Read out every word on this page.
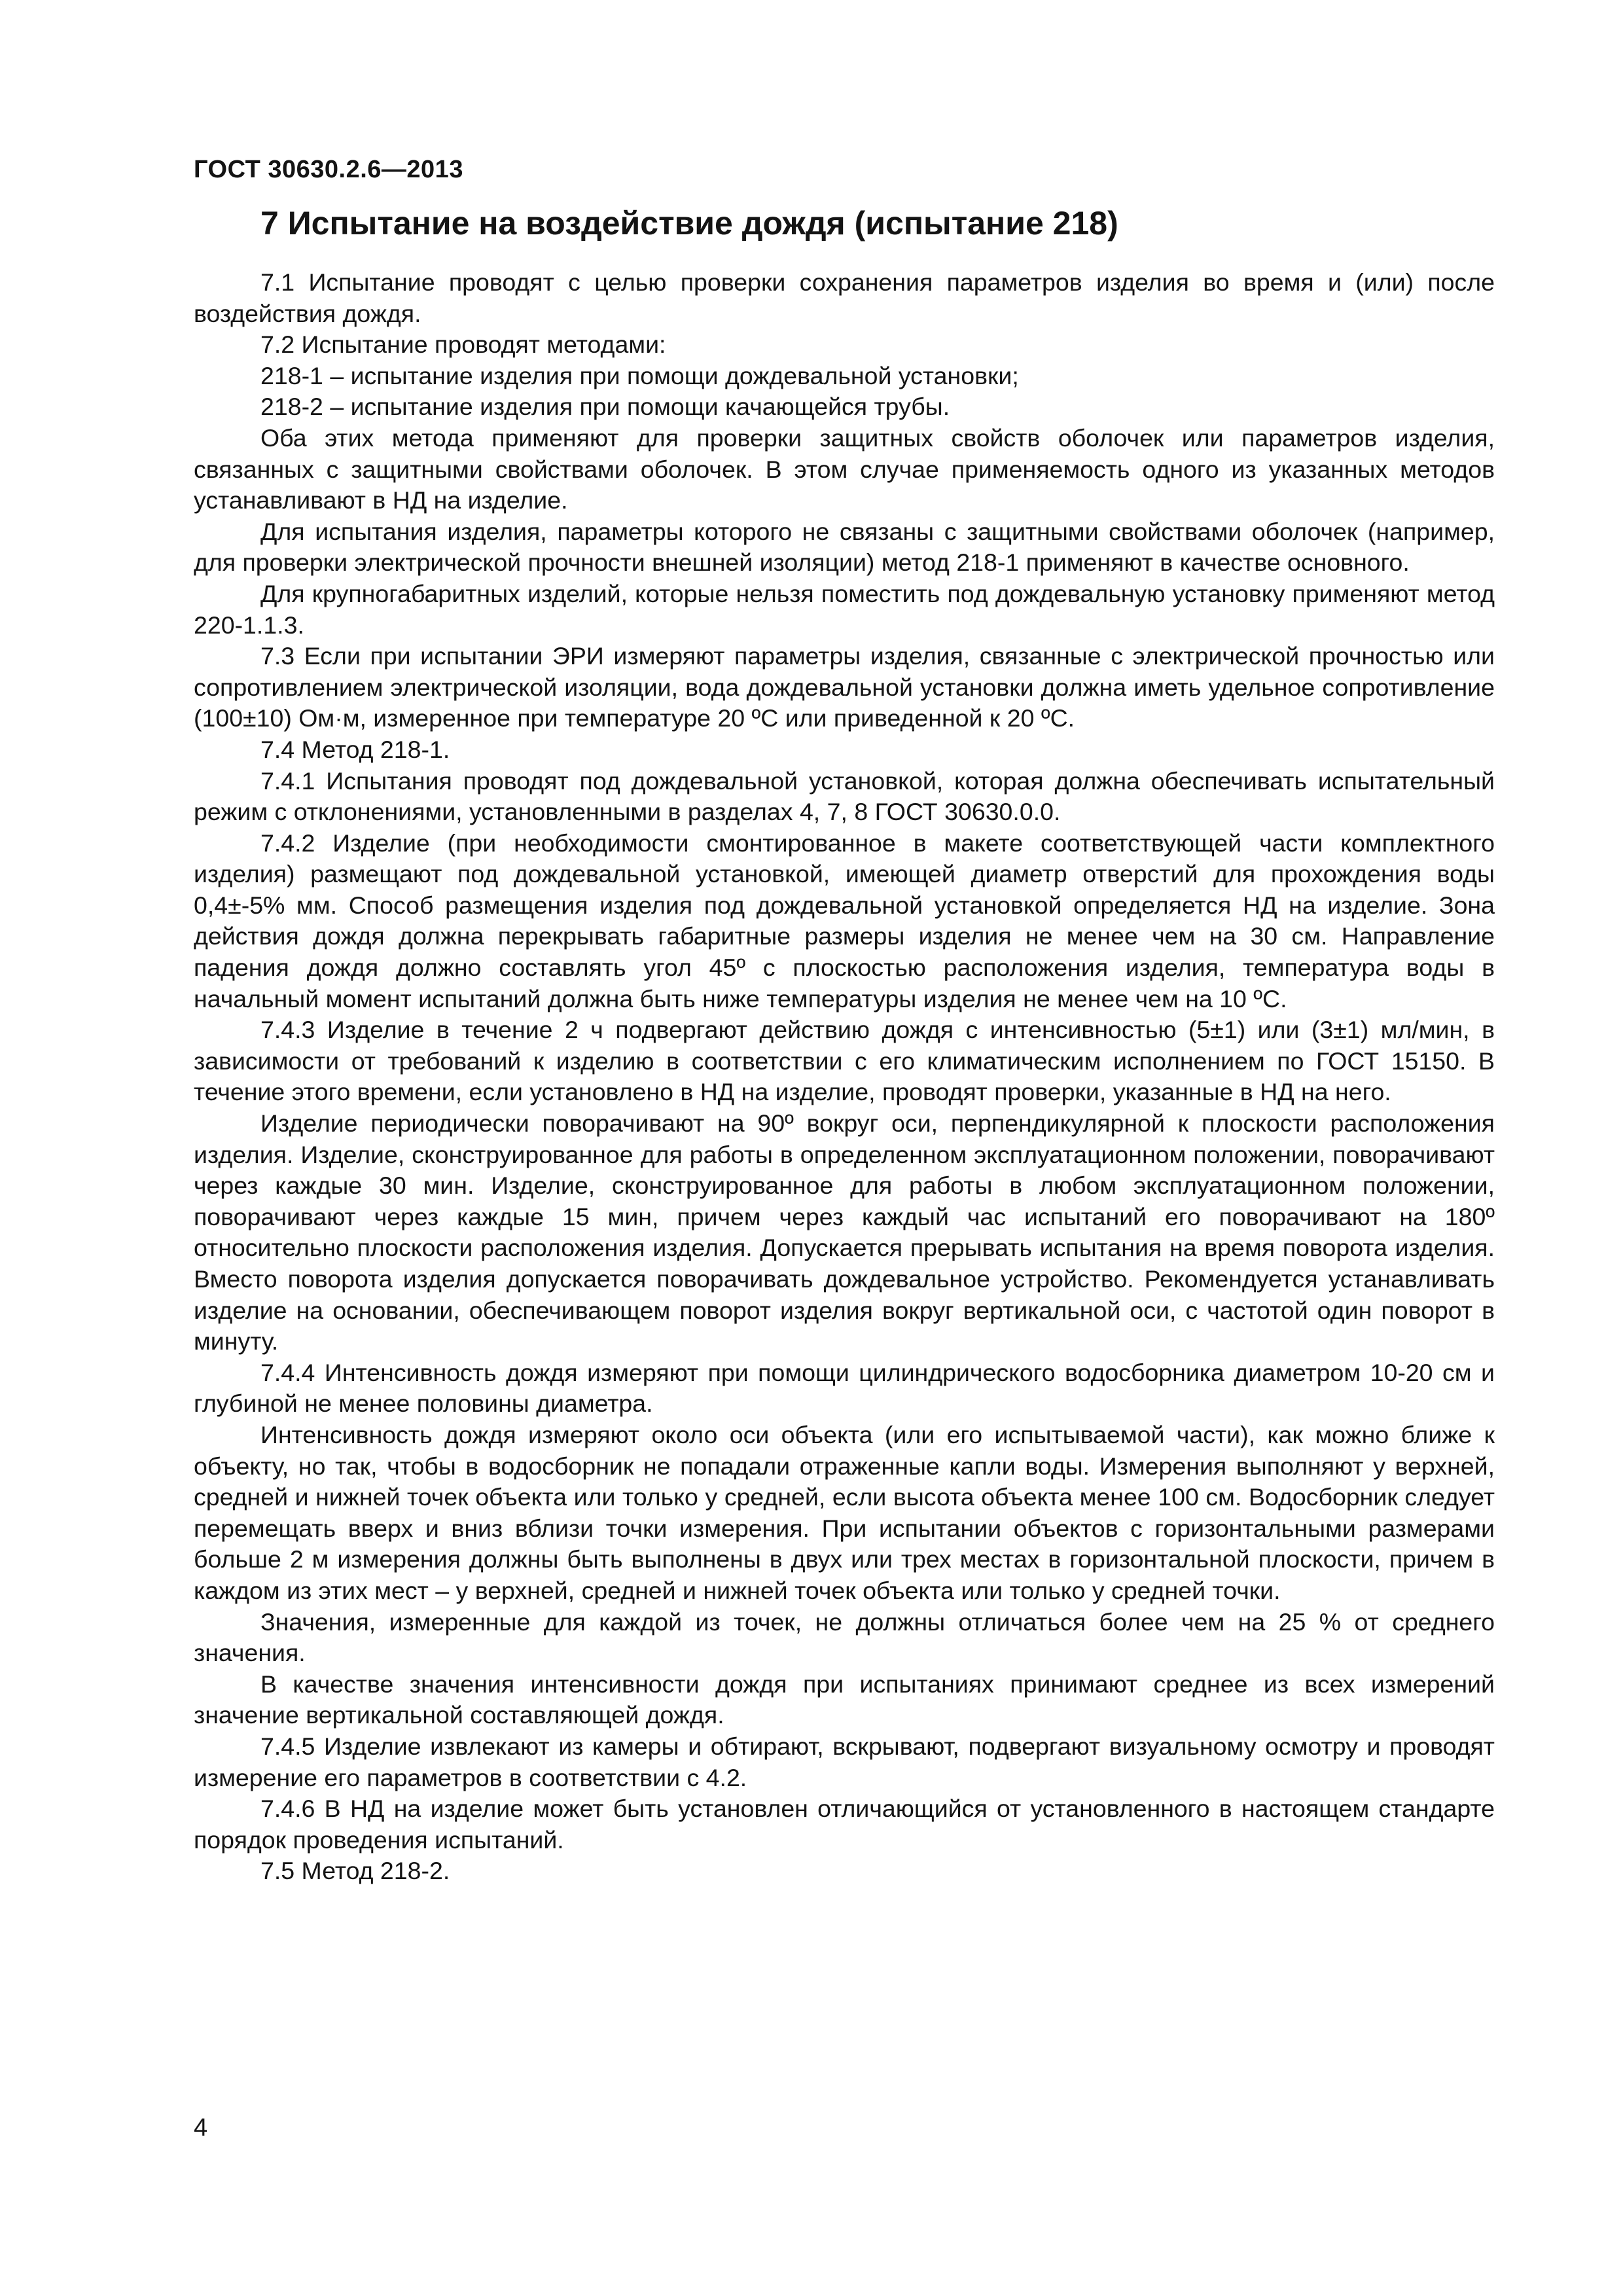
ГОСТ 30630.2.6—2013
7 Испытание на воздействие дождя (испытание 218)

7.1 Испытание проводят с целью проверки сохранения параметров изделия во время и (или) после воздействия дождя.

7.2 Испытание проводят методами:

218-1 – испытание изделия при помощи дождевальной установки;

218-2 – испытание изделия при помощи качающейся трубы.

Оба этих метода применяют для проверки защитных свойств оболочек или параметров изделия, связанных с защитными свойствами оболочек. В этом случае применяемость одного из указанных методов устанавливают в НД на изделие.

Для испытания изделия, параметры которого не связаны с защитными свойствами оболочек (например, для проверки электрической прочности внешней изоляции) метод 218-1 применяют в качестве основного.

Для крупногабаритных изделий, которые нельзя поместить под дождевальную установку применяют метод 220-1.1.3.

7.3 Если при испытании ЭРИ измеряют параметры изделия, связанные с электрической прочностью или сопротивлением электрической изоляции, вода дождевальной установки должна иметь удельное сопротивление (100±10) Ом·м, измеренное при температуре 20 ºС или приведенной к 20 ºС.

7.4 Метод 218-1.

7.4.1 Испытания проводят под дождевальной установкой, которая должна обеспечивать испытательный режим с отклонениями, установленными в разделах 4, 7, 8 ГОСТ 30630.0.0.

7.4.2 Изделие (при необходимости смонтированное в макете соответствующей части комплектного изделия) размещают под дождевальной установкой, имеющей диаметр отверстий для прохождения воды 0,4±-5% мм. Способ размещения изделия под дождевальной установкой определяется НД на изделие. Зона действия дождя должна перекрывать габаритные размеры изделия не менее чем на 30 см. Направление падения дождя должно составлять угол 45º с плоскостью расположения изделия, температура воды в начальный момент испытаний должна быть ниже температуры изделия не менее чем на 10 ºС.

7.4.3 Изделие в течение 2 ч подвергают действию дождя с интенсивностью (5±1) или (3±1) мл/мин, в зависимости от требований к изделию в соответствии с его климатическим исполнением по ГОСТ 15150. В течение этого времени, если установлено в НД на изделие, проводят проверки, указанные в НД на него.

Изделие периодически поворачивают на 90º вокруг оси, перпендикулярной к плоскости расположения изделия. Изделие, сконструированное для работы в определенном эксплуатационном положении, поворачивают через каждые 30 мин. Изделие, сконструированное для работы в любом эксплуатационном положении, поворачивают через каждые 15 мин, причем через каждый час испытаний его поворачивают на 180º относительно плоскости расположения изделия. Допускается прерывать испытания на время поворота изделия. Вместо поворота изделия допускается поворачивать дождевальное устройство. Рекомендуется устанавливать изделие на основании, обеспечивающем поворот изделия вокруг вертикальной оси, с частотой один поворот в минуту.

7.4.4 Интенсивность дождя измеряют при помощи цилиндрического водосборника диаметром 10-20 см и глубиной не менее половины диаметра.

Интенсивность дождя измеряют около оси объекта (или его испытываемой части), как можно ближе к объекту, но так, чтобы в водосборник не попадали отраженные капли воды. Измерения выполняют у верхней, средней и нижней точек объекта или только у средней, если высота объекта менее 100 см. Водосборник следует перемещать вверх и вниз вблизи точки измерения. При испытании объектов с горизонтальными размерами больше 2 м измерения должны быть выполнены в двух или трех местах в горизонтальной плоскости, причем в каждом из этих мест – у верхней, средней и нижней точек объекта или только у средней точки.

Значения, измеренные для каждой из точек, не должны отличаться более чем на 25 % от среднего значения.

В качестве значения интенсивности дождя при испытаниях принимают среднее из всех измерений значение вертикальной составляющей дождя.

7.4.5 Изделие извлекают из камеры и обтирают, вскрывают, подвергают визуальному осмотру и проводят измерение его параметров в соответствии с 4.2.

7.4.6 В НД на изделие может быть установлен отличающийся от установленного в настоящем стандарте порядок проведения испытаний.

7.5 Метод 218-2.

4
